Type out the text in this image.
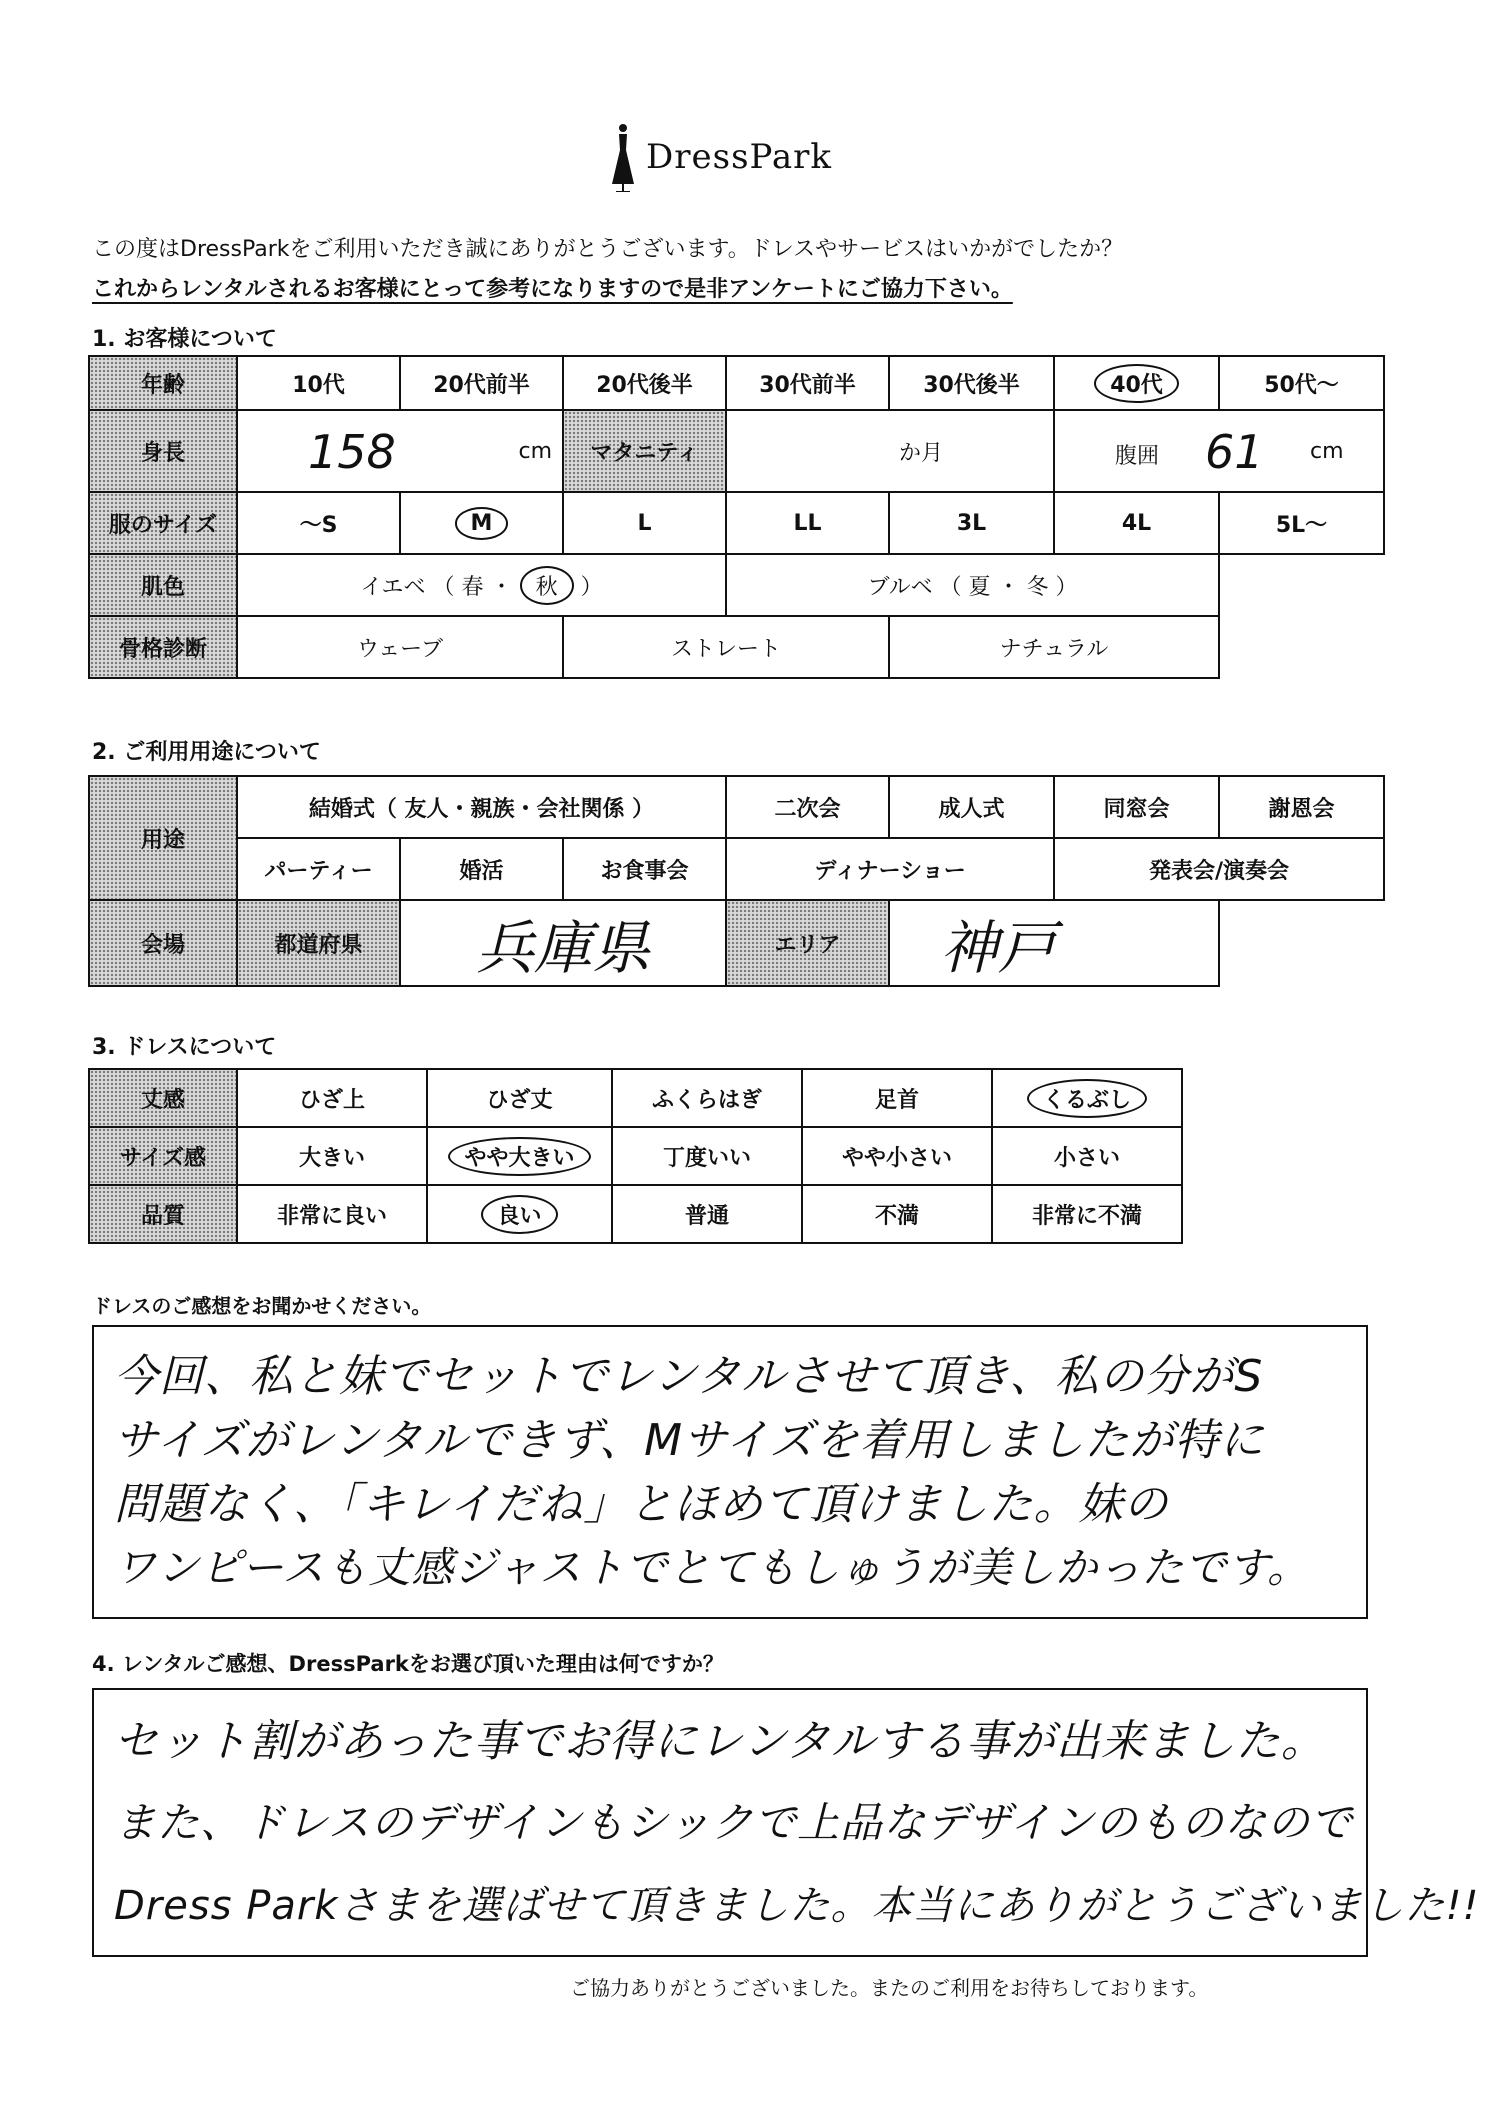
DressPark
この度はDressParkをご利用いただき誠にありがとうございます。ドレスやサービスはいかがでしたか？
これからレンタルされるお客様にとって参考になりますので是非アンケートにご協力下さい。
1. お客様について
年齢	10代	20代前半	20代後半	30代前半	30代後半	40代	50代〜
身長	158 cm		マタニティ	か月		腹囲 61 cm	

服のサイズ	〜S	M	L	LL	3L	4L	5L〜
肌色	イエベ （ 春 ・ 秋 ）			ブルベ （ 夏 ・ 冬 ）			
骨格診断	ウェーブ		ストレート		ナチュラル		
2. ご利用用途について
用途	結婚式（ 友人・親族・会社関係 ）			二次会	成人式	同窓会	謝恩会
	パーティー	婚活	お食事会	ディナーショー		発表会/演奏会	
会場	都道府県	兵庫県		エリア	神戸		
3. ドレスについて
丈感	ひざ上	ひざ丈	ふくらはぎ	足首	くるぶし
サイズ感	大きい	やや大きい	丁度いい	やや小さい	小さい
品質	非常に良い	良い	普通	不満	非常に不満
ドレスのご感想をお聞かせください。
今回、私と妹でセットでレンタルさせて頂き、私の分がS
サイズがレンタルできず、Mサイズを着用しましたが特に
問題なく、「キレイだね」とほめて頂けました。妹の
ワンピースも丈感ジャストでとてもしゅうが美しかったです。
4. レンタルご感想、DressParkをお選び頂いた理由は何ですか？
セット割があった事でお得にレンタルする事が出来ました。
また、ドレスのデザインもシックで上品なデザインのものなので
Dress Parkさまを選ばせて頂きました。本当にありがとうございました!!
ご協力ありがとうございました。またのご利用をお待ちしております。
